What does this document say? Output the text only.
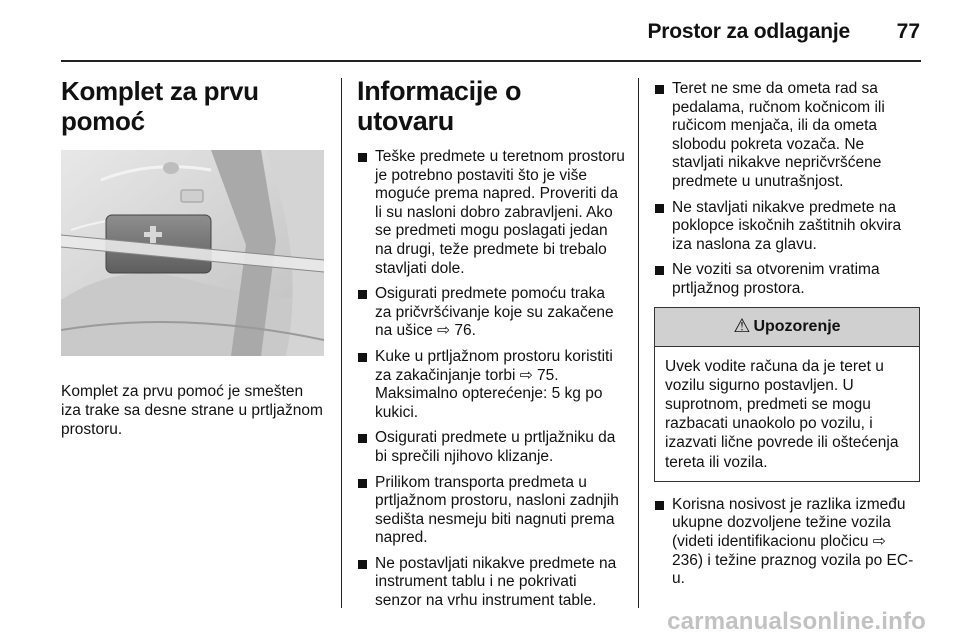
Prostor za odlaganje	77
Komplet za prvu pomoć

Komplet za prvu pomoć je smešten iza trake sa desne strane u prtljažnom prostoru.

Informacije o utovaru
Teške predmete u teretnom prostoru je potrebno postaviti što je više moguće prema napred. Proveriti da li su nasloni dobro zabravljeni. Ako se predmeti mogu poslagati jedan na drugi, teže predmete bi trebalo stavljati dole.
Osigurati predmete pomoću traka za pričvršćivanje koje su zakačene na ušice ⇨ 76.
Kuke u prtljažnom prostoru koristiti za zakačinjanje torbi ⇨ 75. Maksimalno opterećenje: 5 kg po kukici.
Osigurati predmete u prtljažniku da bi sprečili njihovo klizanje.
Prilikom transporta predmeta u prtljažnom prostoru, nasloni zadnjih sedišta nesmeju biti nagnuti prema napred.
Ne postavljati nikakve predmete na instrument tablu i ne pokrivati senzor na vrhu instrument table.
Teret ne sme da ometa rad sa pedalama, ručnom kočnicom ili ručicom menjača, ili da ometa slobodu pokreta vozača. Ne stavljati nikakve nepričvršćene predmete u unutrašnjost.
Ne stavljati nikakve predmete na poklopce iskočnih zaštitnih okvira iza naslona za glavu.
Ne voziti sa otvorenim vratima prtljažnog prostora.
⚠ Upozorenje
Uvek vodite računa da je teret u vozilu sigurno postavljen. U suprotnom, predmeti se mogu razbacati unaokolo po vozilu, i izazvati lične povrede ili oštećenja tereta ili vozila.
Korisna nosivost je razlika između ukupne dozvoljene težine vozila (videti identifikacionu pločicu ⇨ 236) i težine praznog vozila po EC-u.
carmanualsonline.info
